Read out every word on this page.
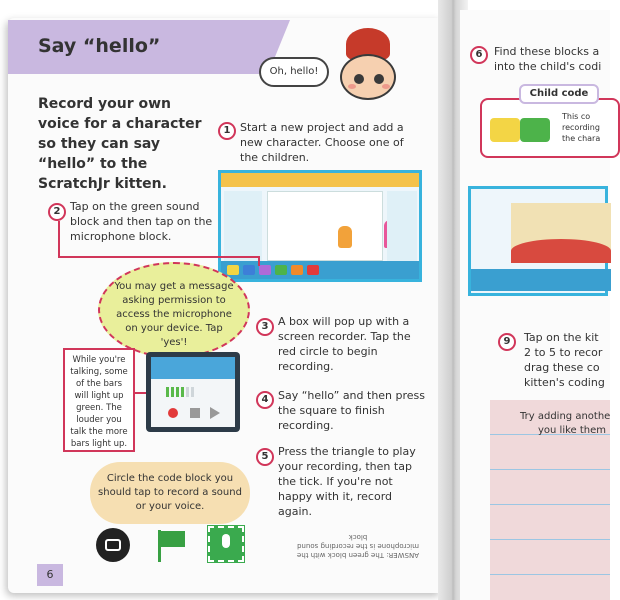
Say “hello”
Oh, hello!
Record your own voice for a character so they can say “hello” to the ScratchJr kitten.
1 Start a new project and add a new character. Choose one of the children.
2 Tap on the green sound block and then tap on the microphone block.
You may get a message asking permission to access the microphone on your device. Tap 'yes'!
While you're talking, some of the bars will light up green. The louder you talk the more bars light up.
3 A box will pop up with a screen recorder. Tap the red circle to begin recording.
4 Say “hello” and then press the square to finish recording.
5 Press the triangle to play your recording, then tap the tick. If you're not happy with it, record again.
Circle the code block you should tap to record a sound or your voice.
ANSWER: The green block with the microphone is the recording sound block
6
6	Find these blocks a
into the child's codi
Child code
This co
recording
the chara
9	Tap on the kit
2 to 5 to recor
drag these co
kitten's coding
Try adding anothe
you like them
